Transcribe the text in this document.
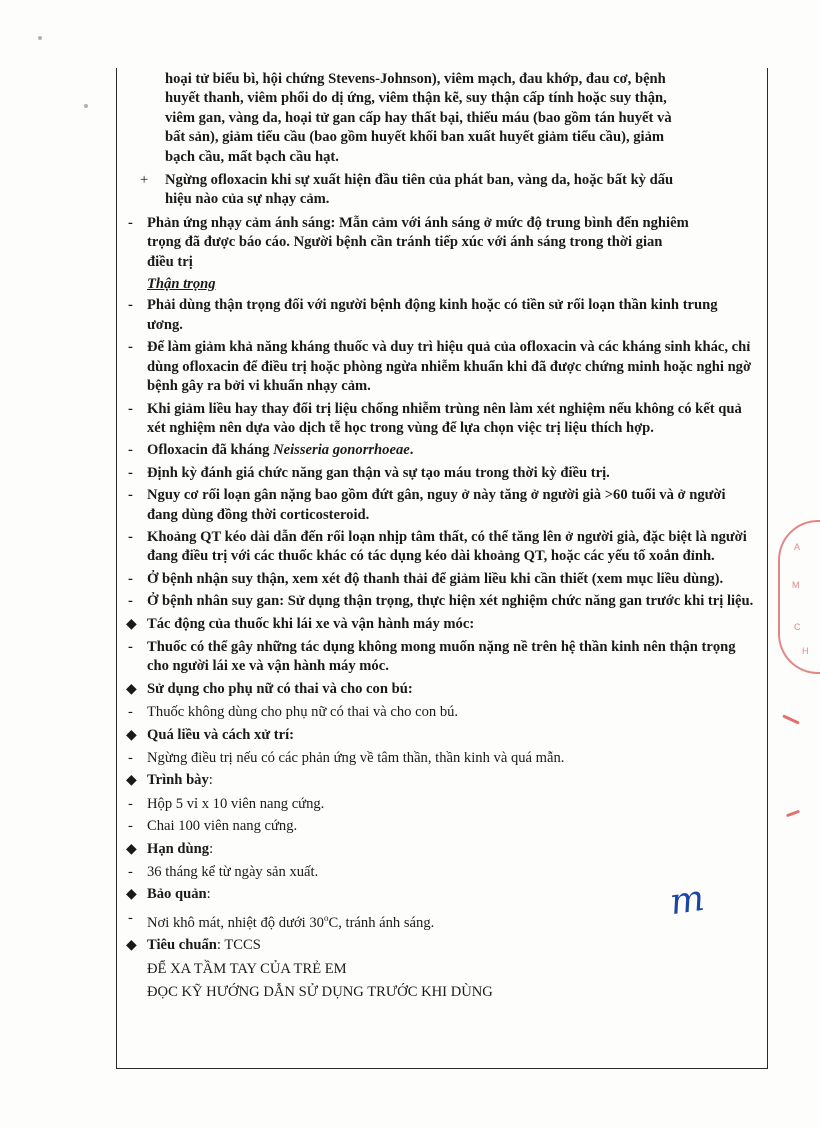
A
M
C
H
m
hoại tử biểu bì, hội chứng Stevens-Johnson), viêm mạch, đau khớp, đau cơ, bệnh
huyết thanh, viêm phổi do dị ứng, viêm thận kẽ, suy thận cấp tính hoặc suy thận,
viêm gan, vàng da, hoại tử gan cấp hay thất bại, thiếu máu (bao gồm tán huyết và
bất sản), giảm tiểu cầu (bao gồm huyết khối ban xuất huyết giảm tiểu cầu), giảm
bạch cầu, mất bạch cầu hạt.
+ Ngừng ofloxacin khi sự xuất hiện đầu tiên của phát ban, vàng da, hoặc bất kỳ dấu
hiệu nào của sự nhạy cảm.
- Phản ứng nhạy cảm ánh sáng: Mẫn cảm với ánh sáng ở mức độ trung bình đến nghiêm
trọng đã được báo cáo. Người bệnh cần tránh tiếp xúc với ánh sáng trong thời gian
điều trị
Thận trọng
- Phải dùng thận trọng đối với người bệnh động kinh hoặc có tiền sử rối loạn thần kinh trung ương.
- Để làm giảm khả năng kháng thuốc và duy trì hiệu quả của ofloxacin và các kháng sinh khác, chỉ dùng ofloxacin để điều trị hoặc phòng ngừa nhiễm khuẩn khi đã được chứng minh hoặc nghi ngờ bệnh gây ra bởi vi khuẩn nhạy cảm.
- Khi giảm liều hay thay đổi trị liệu chống nhiễm trùng nên làm xét nghiệm nếu không có kết quả xét nghiệm nên dựa vào dịch tễ học trong vùng để lựa chọn việc trị liệu thích hợp.
- Ofloxacin đã kháng Neisseria gonorrhoeae.
- Định kỳ đánh giá chức năng gan thận và sự tạo máu trong thời kỳ điều trị.
- Nguy cơ rối loạn gân nặng bao gồm đứt gân, nguy ở này tăng ở người già >60 tuổi và ở người đang dùng đồng thời corticosteroid.
- Khoảng QT kéo dài dẫn đến rối loạn nhịp tâm thất, có thể tăng lên ở người già, đặc biệt là người đang điều trị với các thuốc khác có tác dụng kéo dài khoảng QT, hoặc các yếu tố xoắn đỉnh.
- Ở bệnh nhận suy thận, xem xét độ thanh thải để giảm liều khi cần thiết (xem mục liều dùng).
- Ở bệnh nhân suy gan: Sử dụng thận trọng, thực hiện xét nghiệm chức năng gan trước khi trị liệu.
◆ Tác động của thuốc khi lái xe và vận hành máy móc:
- Thuốc có thể gây những tác dụng không mong muốn nặng nề trên hệ thần kinh nên thận trọng cho người lái xe và vận hành máy móc.
◆ Sử dụng cho phụ nữ có thai và cho con bú:
- Thuốc không dùng cho phụ nữ có thai và cho con bú.
◆ Quá liều và cách xử trí:
- Ngừng điều trị nếu có các phản ứng về tâm thần, thần kinh và quá mẫn.
◆ Trình bày:
- Hộp 5 vỉ x 10 viên nang cứng.
- Chai 100 viên nang cứng.
◆ Hạn dùng:
- 36 tháng kể từ ngày sản xuất.
◆ Bảo quản:
- Nơi khô mát, nhiệt độ dưới 30$^o$C, tránh ánh sáng.
◆ Tiêu chuẩn: TCCS
ĐỂ XA TẦM TAY CỦA TRẺ EM
ĐỌC KỸ HƯỚNG DẪN SỬ DỤNG TRƯỚC KHI DÙNG
